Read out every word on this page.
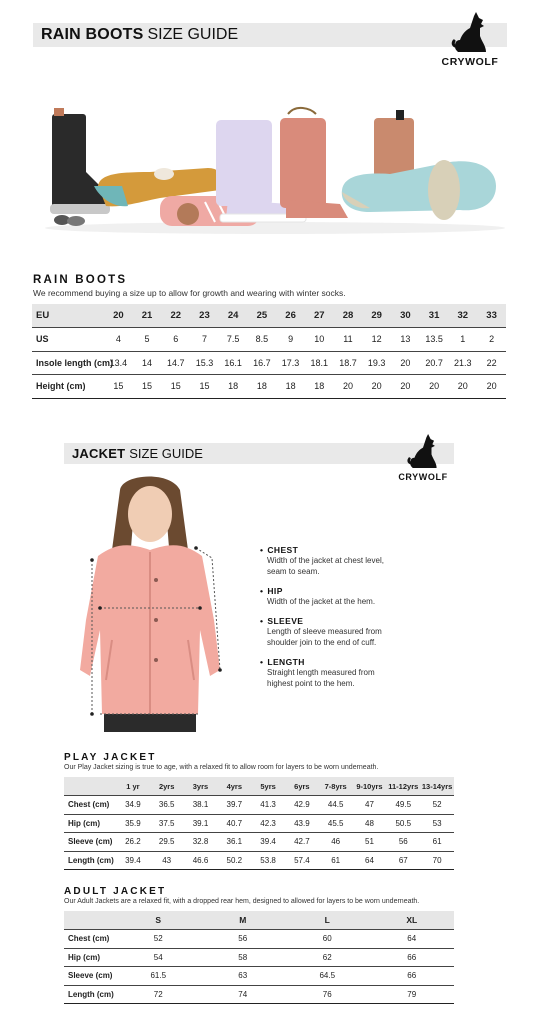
RAIN BOOTS SIZE GUIDE
CRYWOLF
RAIN BOOTS
We recommend buying a size up to allow for growth and wearing with winter socks.
EU	20	21	22	23	24	25	26	27	28	29	30	31	32	33
US	4	5	6	7	7.5	8.5	9	10	11	12	13	13.5	1	2
Insole length (cm)	13.4	14	14.7	15.3	16.1	16.7	17.3	18.1	18.7	19.3	20	20.7	21.3	22
Height (cm)	15	15	15	15	18	18	18	18	20	20	20	20	20	20
JACKET SIZE GUIDE
CRYWOLF
• CHEST
Width of the jacket at chest level,
seam to seam.
• HIP
Width of the jacket at the hem.
• SLEEVE
Length of sleeve measured from
shoulder join to the end of cuff.
• LENGTH
Straight length measured from
highest point to the hem.
PLAY JACKET
Our Play Jacket sizing is true to age, with a relaxed fit to allow room for layers to be worn underneath.
	1 yr	2yrs	3yrs	4yrs	5yrs	6yrs	7-8yrs	9-10yrs	11-12yrs	13-14yrs
Chest (cm)	34.9	36.5	38.1	39.7	41.3	42.9	44.5	47	49.5	52
Hip (cm)	35.9	37.5	39.1	40.7	42.3	43.9	45.5	48	50.5	53
Sleeve (cm)	26.2	29.5	32.8	36.1	39.4	42.7	46	51	56	61
Length (cm)	39.4	43	46.6	50.2	53.8	57.4	61	64	67	70
ADULT JACKET
Our Adult Jackets are a relaxed fit, with a dropped rear hem, designed to allowed for layers to be worn underneath.
	S	M	L	XL
Chest (cm)	52	56	60	64
Hip (cm)	54	58	62	66
Sleeve (cm)	61.5	63	64.5	66
Length (cm)	72	74	76	79
